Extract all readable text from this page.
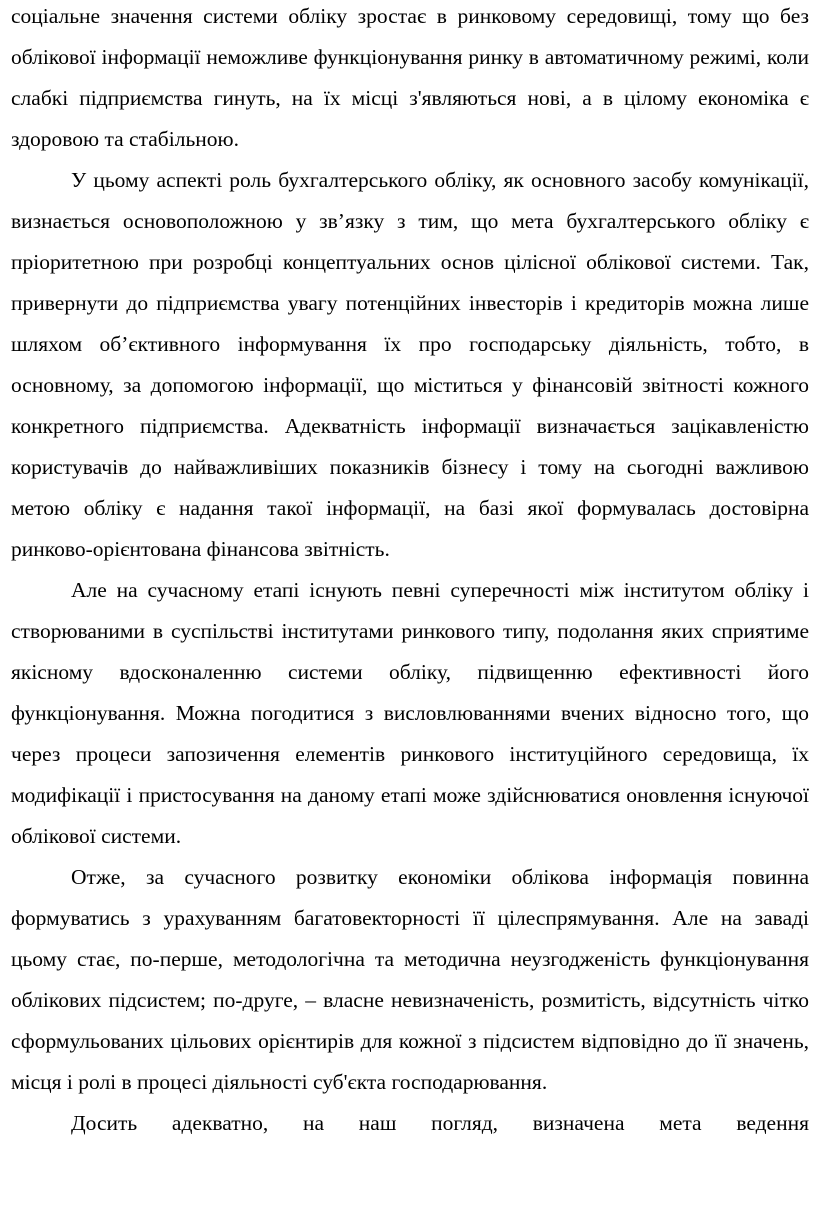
соціальне значення системи обліку зростає в ринковому середовищі, тому що без облікової інформації неможливе функціонування ринку в автоматичному режимі, коли слабкі підприємства гинуть, на їх місці з'являються нові, а в цілому економіка є здоровою та стабільною.

У цьому аспекті роль бухгалтерського обліку, як основного засобу комунікації, визнається основоположною у зв’язку з тим, що мета бухгалтерського обліку є пріоритетною при розробці концептуальних основ цілісної облікової системи. Так, привернути до підприємства увагу потенційних інвесторів і кредиторів можна лише шляхом об’єктивного інформування їх про господарську діяльність, тобто, в основному, за допомогою інформації, що міститься у фінансовій звітності кожного конкретного підприємства. Адекватність інформації визначається зацікавленістю користувачів до найважливіших показників бізнесу і тому на сьогодні важливою метою обліку є надання такої інформації, на базі якої формувалась достовірна ринково-орієнтована фінансова звітність.

Але на сучасному етапі існують певні суперечності між інститутом обліку і створюваними в суспільстві інститутами ринкового типу, подолання яких сприятиме якісному вдосконаленню системи обліку, підвищенню ефективності його функціонування. Можна погодитися з висловлюваннями вчених відносно того, що через процеси запозичення елементів ринкового інституційного середовища, їх модифікації і пристосування на даному етапі може здійснюватися оновлення існуючої облікової системи.

Отже, за сучасного розвитку економіки облікова інформація повинна формуватись з урахуванням багатовекторності її цілеспрямування. Але на заваді цьому стає, по-перше, методологічна та методична неузгодженість функціонування облікових підсистем; по-друге, – власне невизначеність, розмитість, відсутність чітко сформульованих цільових орієнтирів для кожної з підсистем відповідно до її значень, місця і ролі в процесі діяльності суб'єкта господарювання.

Досить адекватно, на наш погляд, визначена мета ведення
